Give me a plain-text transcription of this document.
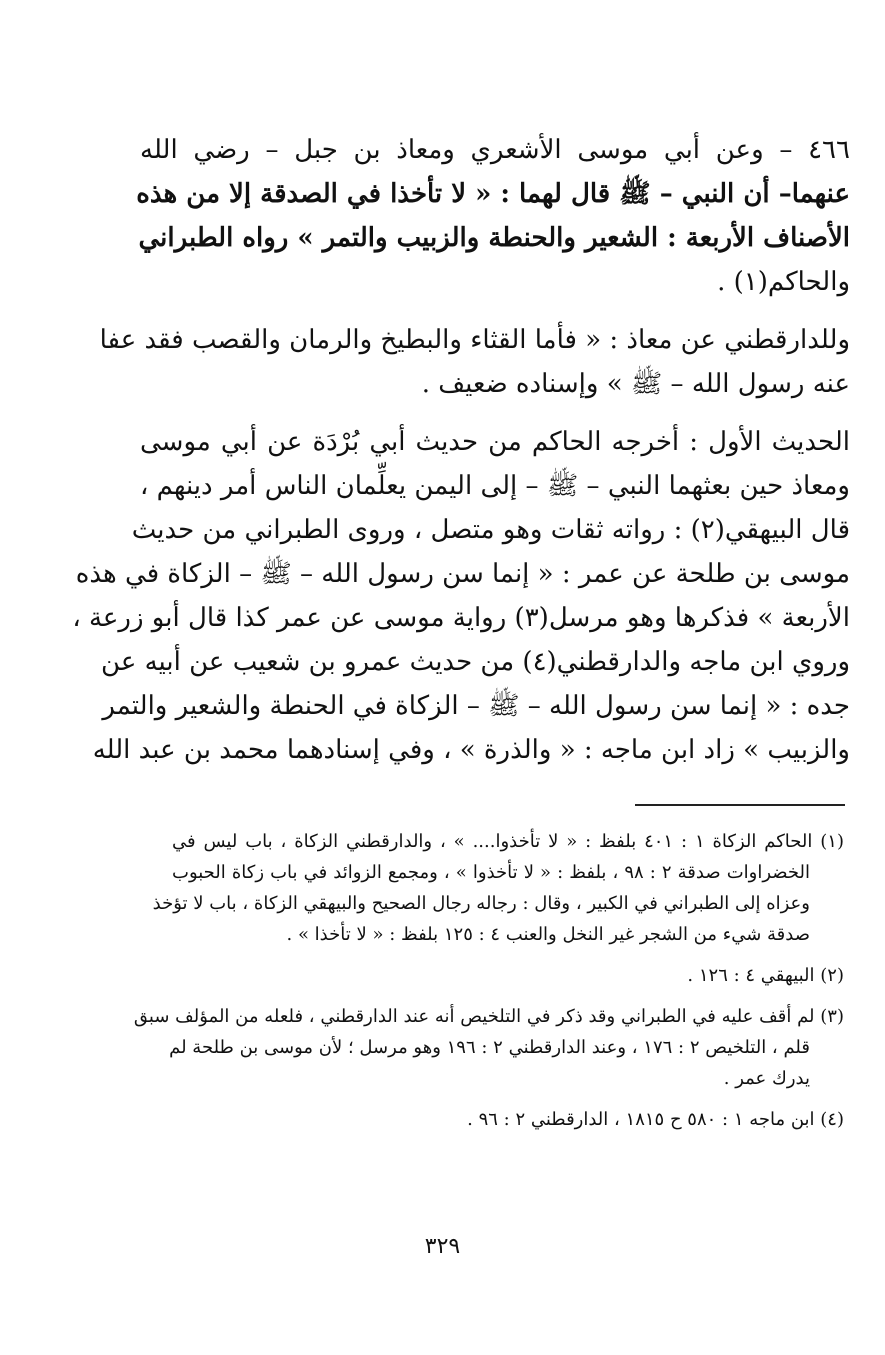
٤٦٦ – وعن أبي موسى الأشعري ومعاذ بن جبل – رضي الله
عنهما– أن النبي – ﷺ قال لهما : « لا تأخذا في الصدقة إلا من هذه
الأصناف الأربعة : الشعير والحنطة والزبيب والتمر » رواه الطبراني
والحاكم(١) .

وللدارقطني عن معاذ : « فأما القثاء والبطيخ والرمان والقصب فقد عفا
عنه رسول الله – ﷺ » وإسناده ضعيف .

الحديث الأول : أخرجه الحاكم من حديث أبي بُرْدَة عن أبي موسى
ومعاذ حين بعثهما النبي – ﷺ – إلى اليمن يعلِّمان الناس أمر دينهم ،
قال البيهقي(٢) : رواته ثقات وهو متصل ، وروى الطبراني من حديث
موسى بن طلحة عن عمر : « إنما سن رسول الله – ﷺ – الزكاة في هذه
الأربعة » فذكرها وهو مرسل(٣) رواية موسى عن عمر كذا قال أبو زرعة ،
وروي ابن ماجه والدارقطني(٤) من حديث عمرو بن شعيب عن أبيه عن
جده : « إنما سن رسول الله – ﷺ – الزكاة في الحنطة والشعير والتمر
والزبيب » زاد ابن ماجه : « والذرة » ، وفي إسنادهما محمد بن عبد الله

(١) الحاكم الزكاة ١ : ٤٠١ بلفظ : « لا تأخذوا.... » ، والدارقطني الزكاة ، باب ليس في
الخضراوات صدقة ٢ : ٩٨ ، بلفظ : « لا تأخذوا » ، ومجمع الزوائد في باب زكاة الحبوب
وعزاه إلى الطبراني في الكبير ، وقال : رجاله رجال الصحيح والبيهقي الزكاة ، باب لا تؤخذ
صدقة شيء من الشجر غير النخل والعنب ٤ : ١٢٥ بلفظ : « لا تأخذا » .
(٢) البيهقي ٤ : ١٢٦ .
(٣) لم أقف عليه في الطبراني وقد ذكر في التلخيص أنه عند الدارقطني ، فلعله من المؤلف سبق
قلم ، التلخيص ٢ : ١٧٦ ، وعند الدارقطني ٢ : ١٩٦ وهو مرسل ؛ لأن موسى بن طلحة لم
يدرك عمر .
(٤) ابن ماجه ١ : ٥٨٠ ح ١٨١٥ ، الدارقطني ٢ : ٩٦ .
٣٢٩
